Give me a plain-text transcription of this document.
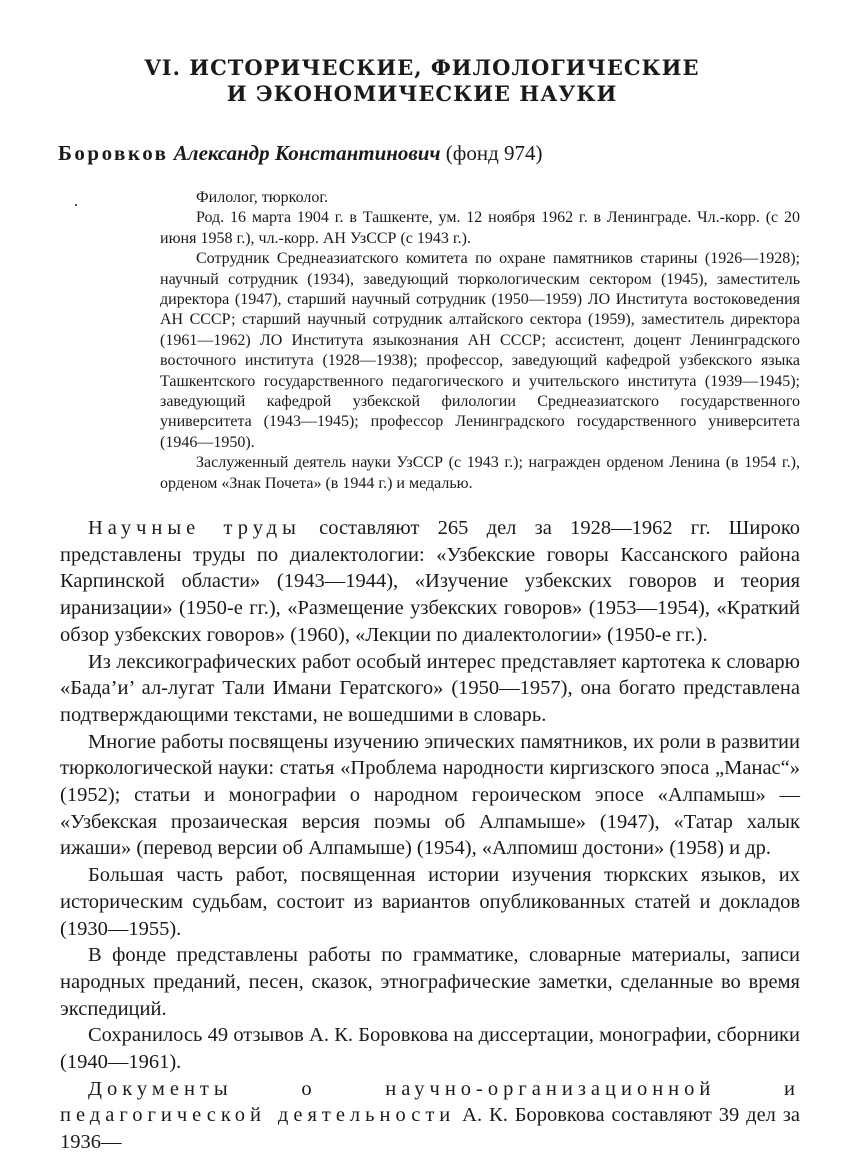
VI. ИСТОРИЧЕСКИЕ, ФИЛОЛОГИЧЕСКИЕ
И ЭКОНОМИЧЕСКИЕ НАУКИ
Боровков Александр Константинович (фонд 974)

Филолог, тюрколог.

Род. 16 марта 1904 г. в Ташкенте, ум. 12 ноября 1962 г. в Ленинграде. Чл.-корр. (с 20 июня 1958 г.), чл.-корр. АН УзССР (с 1943 г.).

Сотрудник Среднеазиатского комитета по охране памятников старины (1926—1928); научный сотрудник (1934), заведующий тюркологическим сектором (1945), заместитель директора (1947), старший научный сотрудник (1950—1959) ЛО Института востоковедения АН СССР; старший научный сотрудник алтайского сектора (1959), заместитель директора (1961—1962) ЛО Института языкознания АН СССР; ассистент, доцент Ленинградского восточного института (1928—1938); профессор, заведующий кафедрой узбекского языка Ташкентского государственного педагогического и учительского института (1939—1945); заведующий кафедрой узбекской филологии Среднеазиатского государственного университета (1943—1945); профессор Ленинградского государственного университета (1946—1950).

Заслуженный деятель науки УзССР (с 1943 г.); награжден орденом Ленина (в 1954 г.), орденом «Знак Почета» (в 1944 г.) и медалью.

Научные труды составляют 265 дел за 1928—1962 гг. Широко представлены труды по диалектологии: «Узбекские говоры Кассанского района Карпинской области» (1943—1944), «Изучение узбекских говоров и теория иранизации» (1950-е гг.), «Размещение узбекских говоров» (1953—1954), «Краткий обзор узбекских говоров» (1960), «Лекции по диалектологии» (1950-е гг.).

Из лексикографических работ особый интерес представляет картотека к словарю «Бада’и’ ал-лугат Тали Имани Гератского» (1950—1957), она богато представлена подтверждающими текстами, не вошедшими в словарь.

Многие работы посвящены изучению эпических памятников, их роли в развитии тюркологической науки: статья «Проблема народности киргизского эпоса „Манас“» (1952); статьи и монографии о народном героическом эпосе «Алпамыш» — «Узбекская прозаическая версия поэмы об Алпамыше» (1947), «Татар халык ижаши» (перевод версии об Алпамыше) (1954), «Алпомиш достони» (1958) и др.

Большая часть работ, посвященная истории изучения тюркских языков, их историческим судьбам, состоит из вариантов опубликованных статей и докладов (1930—1955).

В фонде представлены работы по грамматике, словарные материалы, записи народных преданий, песен, сказок, этнографические заметки, сделанные во время экспедиций.

Сохранилось 49 отзывов А. К. Боровкова на диссертации, монографии, сборники (1940—1961).

Документы о научно-организационной и педагогической деятельности А. К. Боровкова составляют 39 дел за 1936—
